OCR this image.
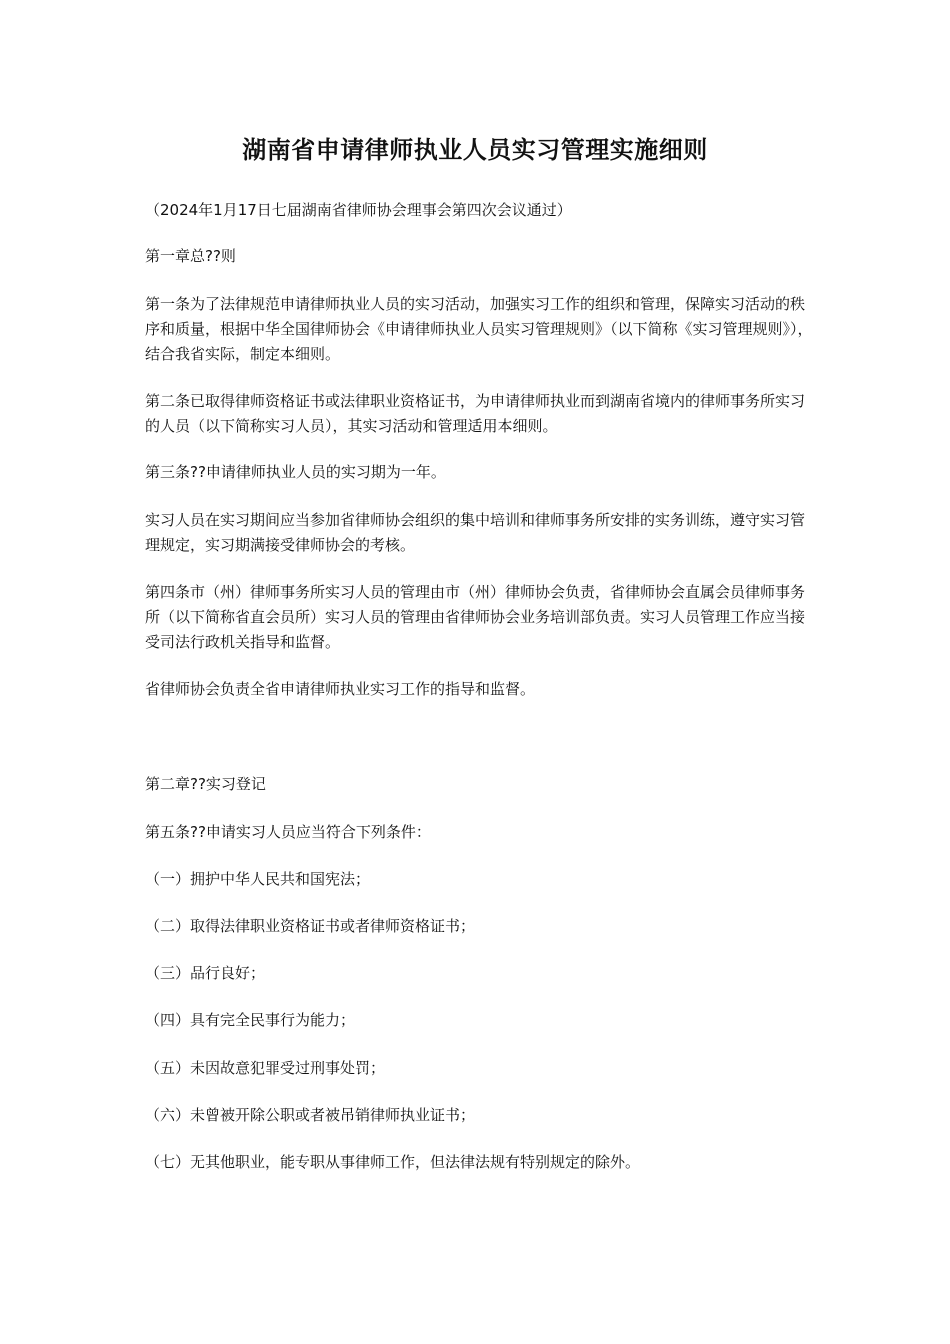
湖南省申请律师执业人员实习管理实施细则

（2024年1月17日七届湖南省律师协会理事会第四次会议通过）

第一章总??则

第一条为了法律规范申请律师执业人员的实习活动，加强实习工作的组织和管理，保障实习活动的秩序和质量，根据中华全国律师协会《申请律师执业人员实习管理规则》（以下简称《实习管理规则》），结合我省实际，制定本细则。

第二条已取得律师资格证书或法律职业资格证书，为申请律师执业而到湖南省境内的律师事务所实习的人员（以下简称实习人员），其实习活动和管理适用本细则。

第三条??申请律师执业人员的实习期为一年。

实习人员在实习期间应当参加省律师协会组织的集中培训和律师事务所安排的实务训练，遵守实习管理规定，实习期满接受律师协会的考核。

第四条市（州）律师事务所实习人员的管理由市（州）律师协会负责，省律师协会直属会员律师事务所（以下简称省直会员所）实习人员的管理由省律师协会业务培训部负责。实习人员管理工作应当接受司法行政机关指导和监督。

省律师协会负责全省申请律师执业实习工作的指导和监督。

第二章??实习登记

第五条??申请实习人员应当符合下列条件：

（一）拥护中华人民共和国宪法；

（二）取得法律职业资格证书或者律师资格证书；

（三）品行良好；

（四）具有完全民事行为能力；

（五）未因故意犯罪受过刑事处罚；

（六）未曾被开除公职或者被吊销律师执业证书；

（七）无其他职业，能专职从事律师工作，但法律法规有特别规定的除外。
